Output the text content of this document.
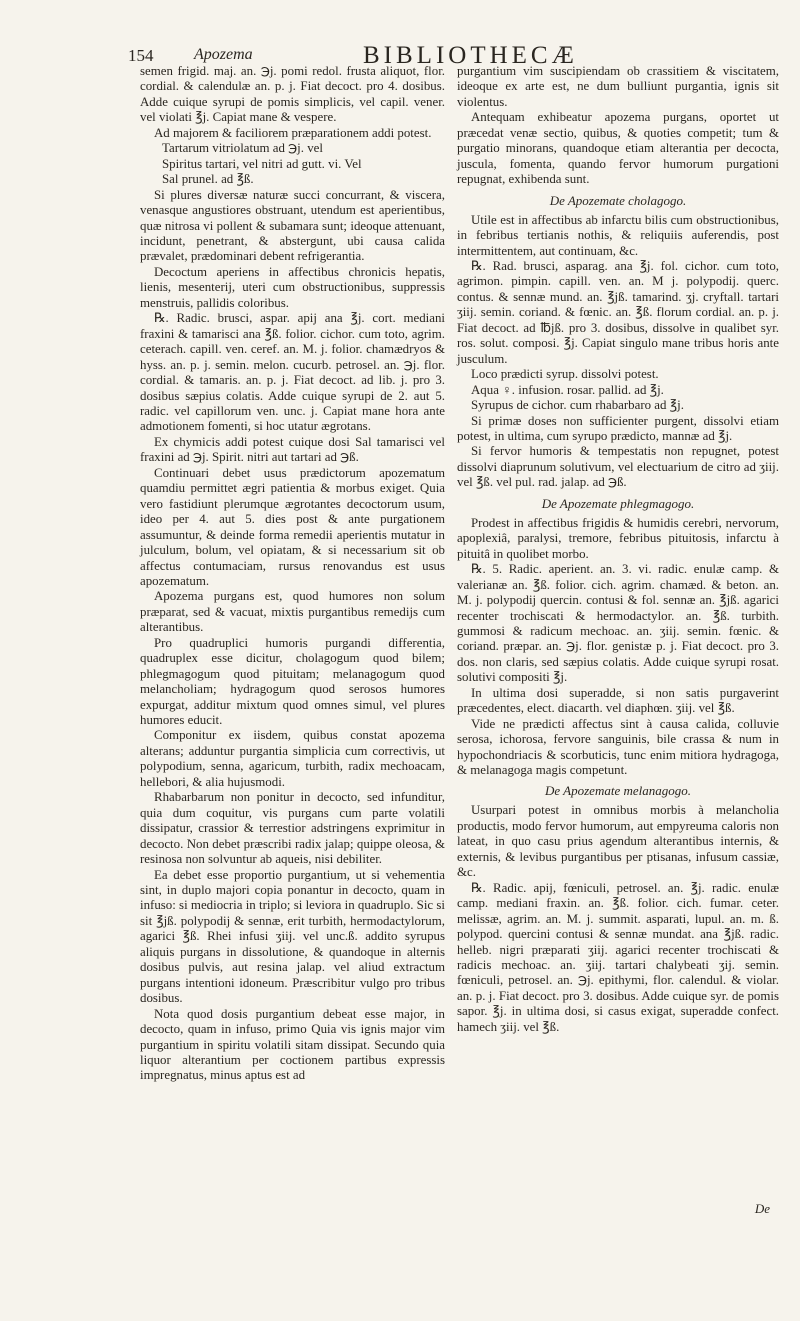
154	Apozema	BIBLIOTHECÆ

semen frigid. maj. an. ℈j. pomi redol. frusta aliquot, flor. cordial. & calendulæ an. p. j. Fiat decoct. pro 4. dosibus. Adde cuique syrupi de pomis simplicis, vel capil. vener. vel violati ℥j. Capiat mane & vespere.

Ad majorem & faciliorem præparationem addi potest.

Tartarum vitriolatum ad ℈j. vel

Spiritus tartari, vel nitri ad gutt. vi. Vel

Sal prunel. ad ℥ß.

Si plures diversæ naturæ succi concurrant, & viscera, venasque angustiores obstruant, utendum est aperientibus, quæ nitrosa vi pollent & subamara sunt; ideoque attenuant, incidunt, penetrant, & abstergunt, ubi causa calida prævalet, prædominari debent refrigerantia.

Decoctum aperiens in affectibus chronicis hepatis, lienis, mesenterij, uteri cum obstructionibus, suppressis menstruis, pallidis coloribus.

℞. Radic. brusci, aspar. apij ana ℥j. cort. mediani fraxini & tamarisci ana ℥ß. folior. cichor. cum toto, agrim. ceterach. capill. ven. ceref. an. M. j. folior. chamædryos & hyss. an. p. j. semin. melon. cucurb. petrosel. an. ℈j. flor. cordial. & tamaris. an. p. j. Fiat decoct. ad lib. j. pro 3. dosibus sæpius colatis. Adde cuique syrupi de 2. aut 5. radic. vel capillorum ven. unc. j. Capiat mane hora ante admotionem fomenti, si hoc utatur ægrotans.

Ex chymicis addi potest cuique dosi Sal tamarisci vel fraxini ad ℈j. Spirit. nitri aut tartari ad ℈ß.

Continuari debet usus prædictorum apozematum quamdiu permittet ægri patientia & morbus exiget. Quia vero fastidiunt plerumque ægrotantes decoctorum usum, ideo per 4. aut 5. dies post & ante purgationem assumuntur, & deinde forma remedii aperientis mutatur in julculum, bolum, vel opiatam, & si necessarium sit ob affectus contumaciam, rursus renovandus est usus apozematum.

Apozema purgans est, quod humores non solum præparat, sed & vacuat, mixtis purgantibus remedijs cum alterantibus.

Pro quadruplici humoris purgandi differentia, quadruplex esse dicitur, cholagogum quod bilem; phlegmagogum quod pituitam; melanagogum quod melancholiam; hydragogum quod serosos humores expurgat, additur mixtum quod omnes simul, vel plures humores educit.

Componitur ex iisdem, quibus constat apozema alterans; adduntur purgantia simplicia cum correctivis, ut polypodium, senna, agaricum, turbith, radix mechoacam, hellebori, & alia hujusmodi.

Rhabarbarum non ponitur in decocto, sed infunditur, quia dum coquitur, vis purgans cum parte volatili dissipatur, crassior & terrestior adstringens exprimitur in decocto. Non debet præscribi radix jalap; quippe oleosa, & resinosa non solvuntur ab aqueis, nisi debiliter.

Ea debet esse proportio purgantium, ut si vehementia sint, in duplo majori copia ponantur in decocto, quam in infuso: si mediocria in triplo; si leviora in quadruplo. Sic si sit ℥jß. polypodij & sennæ, erit turbith, hermodactylorum, agarici ℥ß. Rhei infusi ʒiij. vel unc.ß. addito syrupus aliquis purgans in dissolutione, & quandoque in alternis dosibus pulvis, aut resina jalap. vel aliud extractum purgans intentioni idoneum. Præscribitur vulgo pro tribus dosibus.

Nota quod dosis purgantium debeat esse major, in decocto, quam in infuso, primo Quia vis ignis major vim purgantium in spiritu volatili sitam dissipat. Secundo quia liquor alterantium per coctionem partibus expressis impregnatus, minus aptus est ad

purgantium vim suscipiendam ob crassitiem & viscitatem, ideoque ex arte est, ne dum bulliunt purgantia, ignis sit violentus.

Antequam exhibeatur apozema purgans, oportet ut præcedat venæ sectio, quibus, & quoties competit; tum & purgatio minorans, quandoque etiam alterantia per decocta, jusculа, fomenta, quando fervor humorum purgationi repugnat, exhibenda sunt.

De Apozemate cholagogo.

Utile est in affectibus ab infarctu bilis cum obstructionibus, in febribus tertianis nothis, & reliquiis auferendis, post intermittentem, aut continuam, &c.

℞. Rad. brusci, asparag. ana ℥j. fol. cichor. cum toto, agrimon. pimpin. capill. ven. an. M j. polypodij. querc. contus. & sennæ mund. an. ℥jß. tamarind. ʒj. cryftall. tartari ʒiij. semin. coriand. & fœnic. an. ℥ß. florum cordial. an. p. j. Fiat decoct. ad ℔jß. pro 3. dosibus, dissolve in qualibet syr. ros. solut. composi. ℥j. Capiat singulo mane tribus horis ante jusculum.

Loco prædicti syrup. dissolvi potest.

Aqua ♀. infusion. rosar. pallid. ad ℥j.

Syrupus de cichor. cum rhabarbaro ad ℥j.

Si primæ doses non sufficienter purgent, dissolvi etiam potest, in ultima, cum syrupo prædicto, mannæ ad ℥j.

Si fervor humoris & tempestatis non repugnet, potest dissolvi diaprunum solutivum, vel electuarium de citro ad ʒiij. vel ℥ß. vel pul. rad. jalap. ad ℈ß.

De Apozemate phlegmagogo.

Prodest in affectibus frigidis & humidis cerebri, nervorum, apoplexiâ, paralysi, tremore, febribus pituitosis, infarctu à pituitâ in quolibet morbo.

℞. 5. Radic. aperient. an. 3. vi. radic. enulæ camp. & valerianæ an. ℥ß. folior. cich. agrim. chamæd. & beton. an. M. j. polypodij quercin. contusi & fol. sennæ an. ℥jß. agarici recenter trochiscati & hermodactylor. an. ℥ß. turbith. gummosi & radicum mechoac. an. ʒiij. semin. fœnic. & coriand. præpar. an. ℈j. flor. genistæ p. j. Fiat decoct. pro 3. dos. non claris, sed sæpius colatis. Adde cuique syrupi rosat. solutivi compositi ℥j.

In ultima dosi superadde, si non satis purgaverint præcedentes, elect. diacarth. vel diaphœn. ʒiij. vel ℥ß.

Vide ne prædicti affectus sint à causa calida, colluvie serosa, ichorosa, fervore sanguinis, bile crassa & num in hypochondriacis & scorbuticis, tunc enim mitiora hydragoga, & melanagoga magis competunt.

De Apozemate melanagogo.

Usurpari potest in omnibus morbis à melancholia productis, modo fervor humorum, aut empyreuma caloris non lateat, in quo casu prius agendum alterantibus internis, & externis, & levibus purgantibus per ptisanas, infusum cassiæ, &c.

℞. Radic. apij, fœniculi, petrosel. an. ℥j. radic. enulæ camp. mediani fraxin. an. ℥ß. folior. cich. fumar. ceter. melissæ, agrim. an. M. j. summit. asparati, lupul. an. m. ß. polypod. quercini contusi & sennæ mundat. ana ℥jß. radic. helleb. nigri præparati ʒiij. agarici recenter trochiscati & radicis mechoac. an. ʒiij. tartari chalybeati ʒij. semin. fœniculi, petrosel. an. ℈j. epithymi, flor. calendul. & violar. an. p. j. Fiat decoct. pro 3. dosibus. Adde cuique syr. de pomis sapor. ℥j. in ultima dosi, si casus exigat, superadde confect. hamech ʒiij. vel ℥ß.

De
